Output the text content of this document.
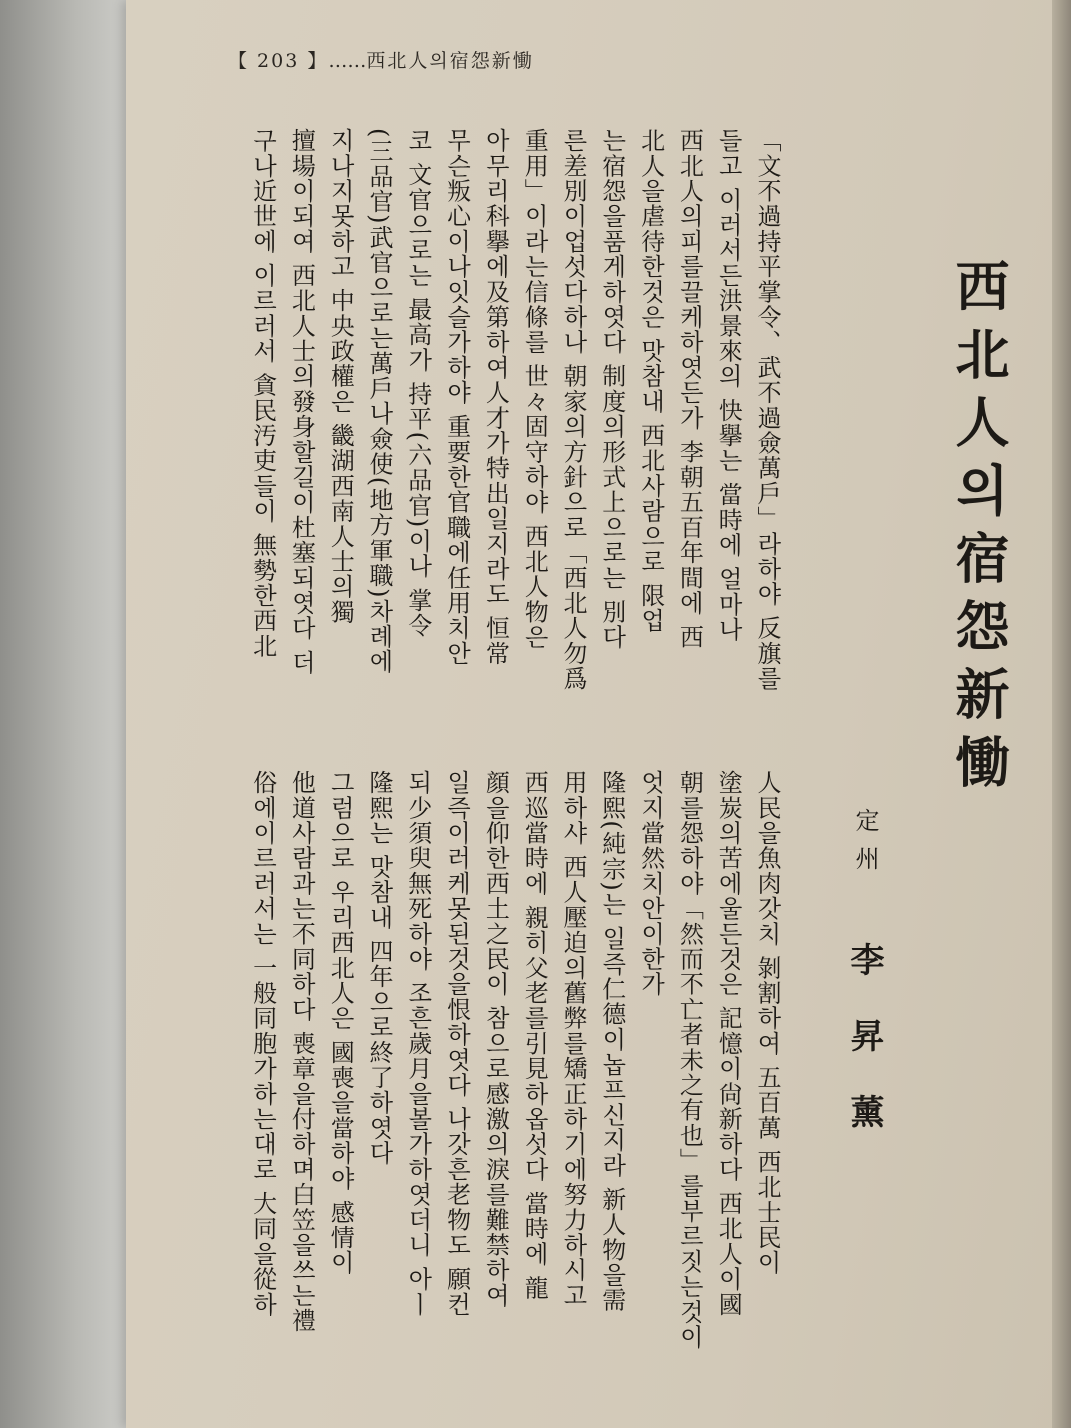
【 203 】……西北人의宿怨新慟
西北人의宿怨新慟
定州
李昇薰
「文不過持平掌令、武不過僉萬戶」라하야 反旗를
들고 이러서든洪景來의 快擧는 當時에 얼마나
西北人의피를끌케하엿든가 李朝五百年間에 西
北人을虐待한것은 맛참내 西北사람으로 限업
는宿怨을품게하엿다 制度의形式上으로는 別다
른差別이업섯다하나 朝家의方針으로「西北人勿爲
重用」이라는信條를 世々固守하야 西北人物은
아무리科擧에及第하여人才가特出일지라도 恒常
무슨叛心이나잇슬가하야 重要한官職에任用치안
코 文官으로는 最高가 持平(六品官)이나 掌令
(三品官)武官으로는萬戶나僉使(地方軍職)차례에
지나지못하고 中央政權은 畿湖西南人士의獨
擅場이되여 西北人士의發身할길이杜塞되엿다 더
구나近世에 이르러서 貪民汚吏들이 無勢한西北
人民을魚肉갓치 剝割하여 五百萬 西北士民이
塗炭의苦에울든것은 記憶이尙新하다 西北人이國
朝를怨하야「然而不亡者未之有也」를부르짓는것이
엇지當然치안이한가
隆熙(純宗)는 일즉仁德이놉프신지라 新人物을需
用하샤 西人壓迫의舊弊를矯正하기에努力하시고
西巡當時에 親히父老를引見하옵섯다 當時에 龍
顔을仰한西土之民이 참으로感激의淚를難禁하여
일즉이러케못된것을恨하엿다 나갓흔老物도 願컨
되少須臾無死하야 조흔歲月을볼가하엿더니 아ㅣ
隆熙는 맛참내 四年으로終了하엿다
그럼으로 우리西北人은 國喪을當하야 感情이
他道사람과는不同하다 喪章을付하며白笠을쓰는禮
俗에이르러서는 一般同胞가하는대로 大同을從하
